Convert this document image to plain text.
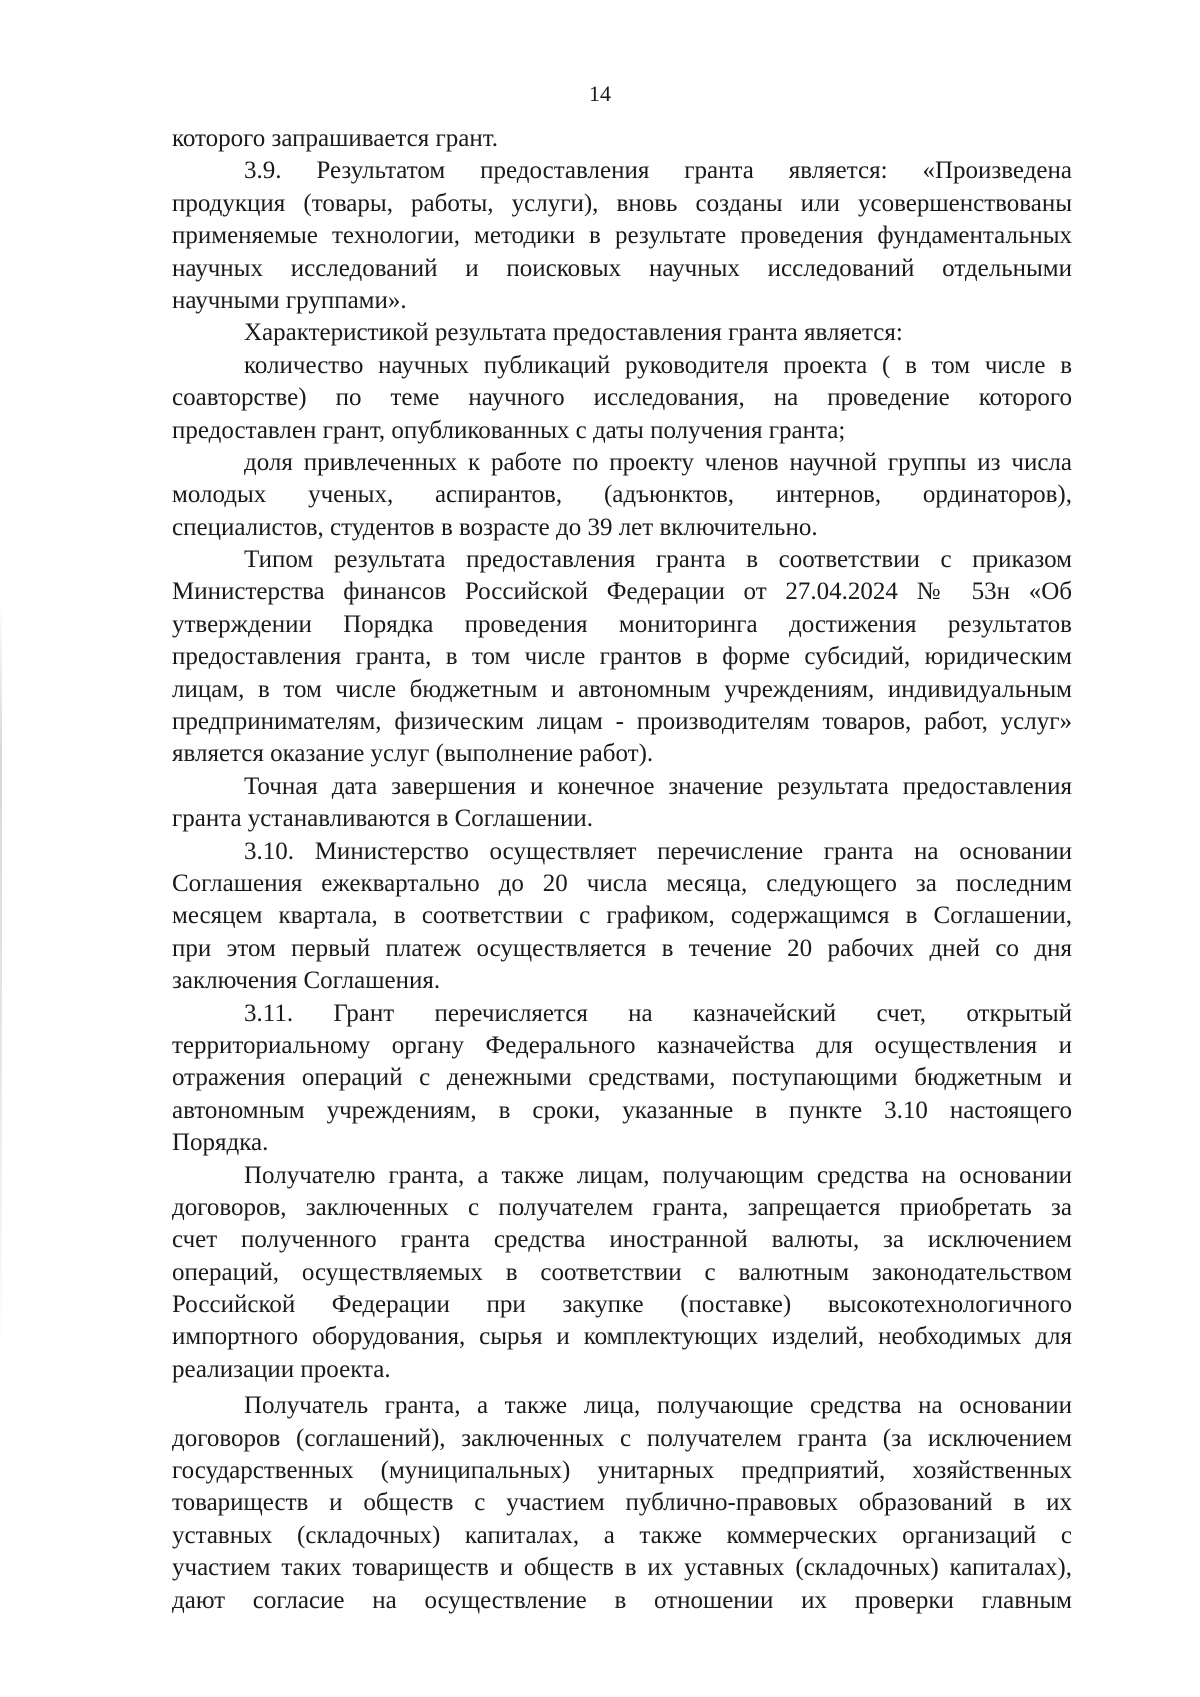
14
которого запрашивается грант.
3.9. Результатом предоставления гранта является: «Произведена
продукция (товары, работы, услуги), вновь созданы или усовершенствованы
применяемые технологии, методики в результате проведения фундаментальных
научных исследований и поисковых научных исследований отдельными
научными группами».
Характеристикой результата предоставления гранта является:
количество научных публикаций руководителя проекта ( в том числе в
соавторстве) по теме научного исследования, на проведение которого
предоставлен грант, опубликованных с даты получения гранта;
доля привлеченных к работе по проекту членов научной группы из числа
молодых ученых, аспирантов, (адъюнктов, интернов, ординаторов),
специалистов, студентов в возрасте до 39 лет включительно.
Типом результата предоставления гранта в соответствии с приказом
Министерства финансов Российской Федерации от 27.04.2024 № 53н «Об
утверждении Порядка проведения мониторинга достижения результатов
предоставления гранта, в том числе грантов в форме субсидий, юридическим
лицам, в том числе бюджетным и автономным учреждениям, индивидуальным
предпринимателям, физическим лицам - производителям товаров, работ, услуг»
является оказание услуг (выполнение работ).
Точная дата завершения и конечное значение результата предоставления
гранта устанавливаются в Соглашении.
3.10. Министерство осуществляет перечисление гранта на основании
Соглашения ежеквартально до 20 числа месяца, следующего за последним
месяцем квартала, в соответствии с графиком, содержащимся в Соглашении,
при этом первый платеж осуществляется в течение 20 рабочих дней со дня
заключения Соглашения.
3.11. Грант перечисляется на казначейский счет, открытый
территориальному органу Федерального казначейства для осуществления и
отражения операций с денежными средствами, поступающими бюджетным и
автономным учреждениям, в сроки, указанные в пункте 3.10 настоящего
Порядка.
Получателю гранта, а также лицам, получающим средства на основании
договоров, заключенных с получателем гранта, запрещается приобретать за
счет полученного гранта средства иностранной валюты, за исключением
операций, осуществляемых в соответствии с валютным законодательством
Российской Федерации при закупке (поставке) высокотехнологичного
импортного оборудования, сырья и комплектующих изделий, необходимых для
реализации проекта.
Получатель гранта, а также лица, получающие средства на основании
договоров (соглашений), заключенных с получателем гранта (за исключением
государственных (муниципальных) унитарных предприятий, хозяйственных
товариществ и обществ с участием публично-правовых образований в их
уставных (складочных) капиталах, а также коммерческих организаций с
участием таких товариществ и обществ в их уставных (складочных) капиталах),
дают согласие на осуществление в отношении их проверки главным
